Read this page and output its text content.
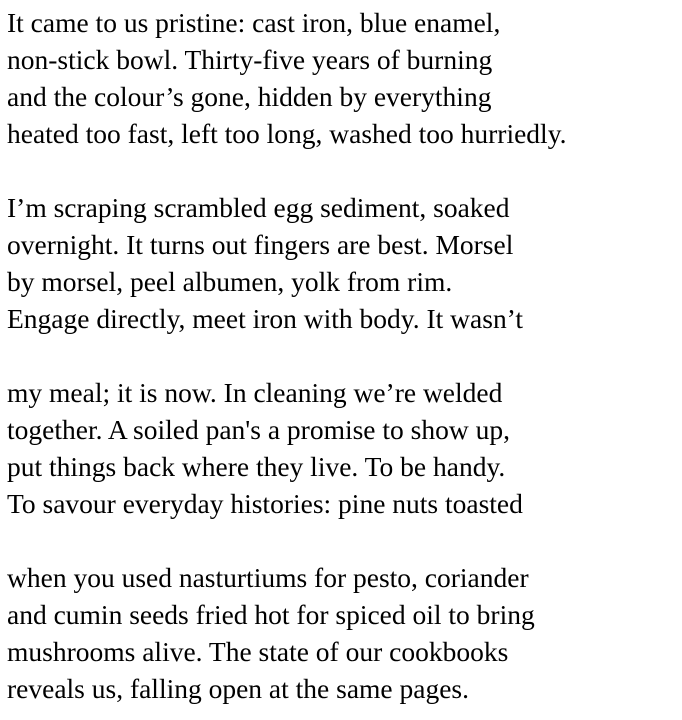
It came to us pristine: cast iron, blue enamel,
non-stick bowl. Thirty-five years of burning
and the colour’s gone, hidden by everything
heated too fast, left too long, washed too hurriedly.
I’m scraping scrambled egg sediment, soaked
overnight. It turns out fingers are best. Morsel
by morsel, peel albumen, yolk from rim.
Engage directly, meet iron with body. It wasn’t
my meal; it is now. In cleaning we’re welded
together. A soiled pan's a promise to show up,
put things back where they live. To be handy.
To savour everyday histories: pine nuts toasted
when you used nasturtiums for pesto, coriander
and cumin seeds fried hot for spiced oil to bring
mushrooms alive. The state of our cookbooks
reveals us, falling open at the same pages.
